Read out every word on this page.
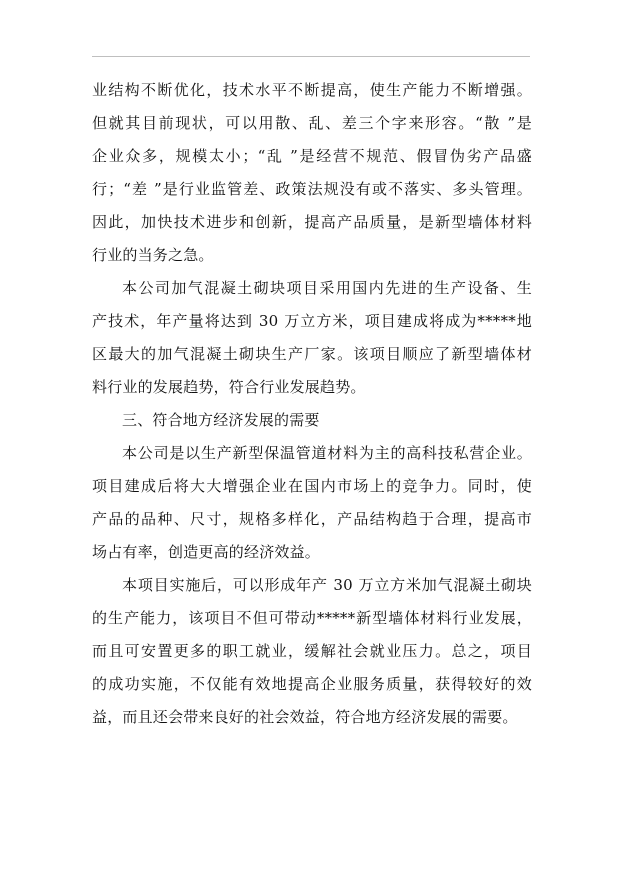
业结构不断优化，技术水平不断提高，使生产能力不断增强。
但就其目前现状，可以用散、乱、差三个字来形容。“散 ”是
企业众多，规模太小；“乱 ”是经营不规范、假冒伪劣产品盛
行；“差 ”是行业监管差、政策法规没有或不落实、多头管理。
因此，加快技术进步和创新，提高产品质量，是新型墙体材料
行业的当务之急。
本公司加气混凝土砌块项目采用国内先进的生产设备、生
产技术，年产量将达到 30 万立方米，项目建成将成为*****地
区最大的加气混凝土砌块生产厂家。该项目顺应了新型墙体材
料行业的发展趋势，符合行业发展趋势。
三、符合地方经济发展的需要
本公司是以生产新型保温管道材料为主的高科技私营企业。
项目建成后将大大增强企业在国内市场上的竞争力。同时，使
产品的品种、尺寸，规格多样化，产品结构趋于合理，提高市
场占有率，创造更高的经济效益。
本项目实施后，可以形成年产 30 万立方米加气混凝土砌块
的生产能力，该项目不但可带动*****新型墙体材料行业发展，
而且可安置更多的职工就业，缓解社会就业压力。总之，项目
的成功实施，不仅能有效地提高企业服务质量，获得较好的效
益，而且还会带来良好的社会效益，符合地方经济发展的需要。
